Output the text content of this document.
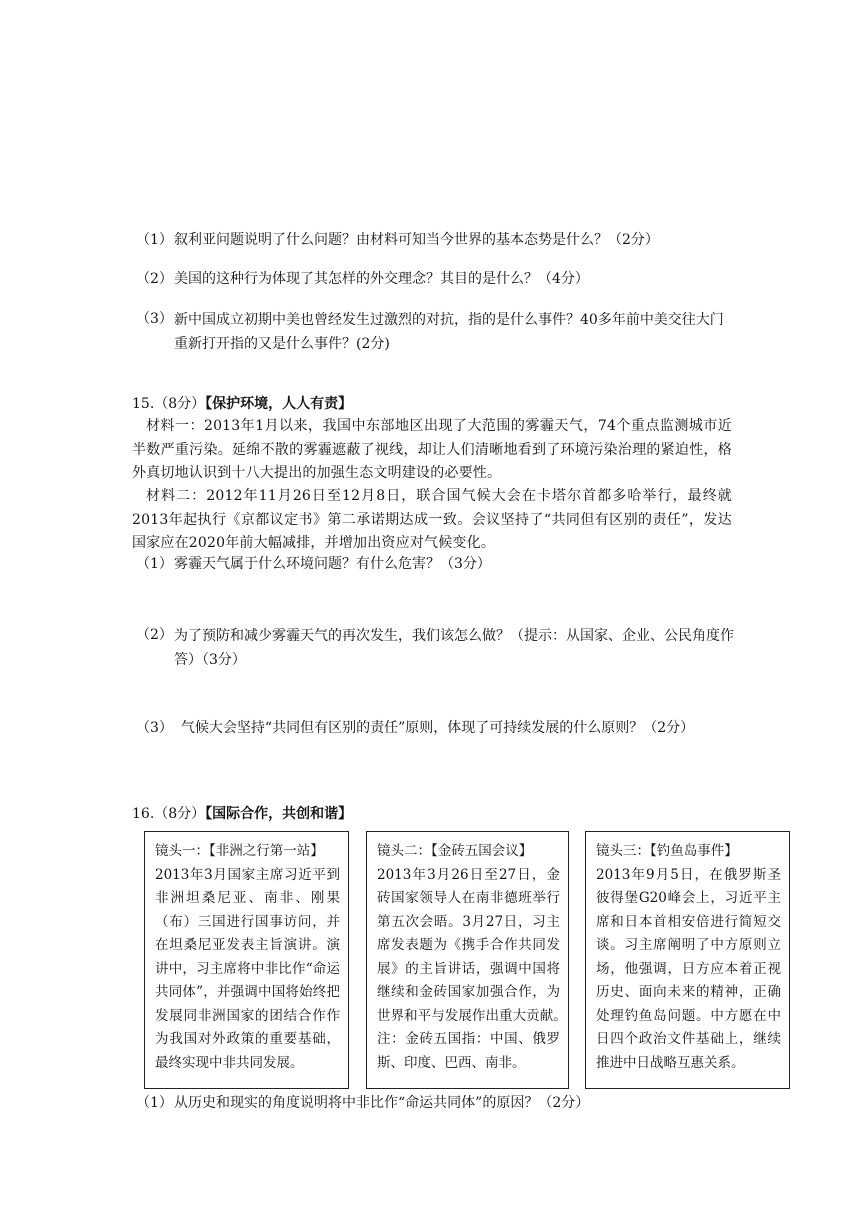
（1） 叙利亚问题说明了什么问题？由材料可知当今世界的基本态势是什么？（2分）
（2） 美国的这种行为体现了其怎样的外交理念？其目的是什么？（4分）
（3） 新中国成立初期中美也曾经发生过激烈的对抗，指的是什么事件？40多年前中美交往大门重新打开指的又是什么事件？(2分)
15.（8分）【保护环境，人人有责】
材料一：2013年1月以来，我国中东部地区出现了大范围的雾霾天气，74个重点监测城市近半数严重污染。延绵不散的雾霾遮蔽了视线，却让人们清晰地看到了环境污染治理的紧迫性，格外真切地认识到十八大提出的加强生态文明建设的必要性。
材料二：2012年11月26日至12月8日，联合国气候大会在卡塔尔首都多哈举行，最终就2013年起执行《京都议定书》第二承诺期达成一致。会议坚持了“共同但有区别的责任”，发达国家应在2020年前大幅减排，并增加出资应对气候变化。
（1） 雾霾天气属于什么环境问题？有什么危害？（3分）
（2） 为了预防和减少雾霾天气的再次发生，我们该怎么做？（提示：从国家、企业、公民角度作答）（3分）
（3） 气候大会坚持“共同但有区别的责任”原则，体现了可持续发展的什么原则？（2分）
16.（8分）【国际合作，共创和谐】
镜头一：【非洲之行第一站】
2013年3月国家主席习近平到非洲坦桑尼亚、南非、刚果（布）三国进行国事访问，并在坦桑尼亚发表主旨演讲。演讲中，习主席将中非比作“命运共同体”，并强调中国将始终把发展同非洲国家的团结合作作为我国对外政策的重要基础，最终实现中非共同发展。
镜头二：【金砖五国会议】
2013年3月26日至27日，金砖国家领导人在南非德班举行第五次会晤。3月27日，习主席发表题为《携手合作共同发展》的主旨讲话，强调中国将继续和金砖国家加强合作，为世界和平与发展作出重大贡献。　注：金砖五国指：中国、俄罗斯、印度、巴西、南非。
镜头三：【钓鱼岛事件】
2013年9月5日，在俄罗斯圣彼得堡G20峰会上，习近平主席和日本首相安倍进行简短交谈。习主席阐明了中方原则立场，他强调，日方应本着正视历史、面向未来的精神，正确处理钓鱼岛问题。中方愿在中日四个政治文件基础上，继续推进中日战略互惠关系。
（1） 从历史和现实的角度说明将中非比作“命运共同体”的原因？（2分）
